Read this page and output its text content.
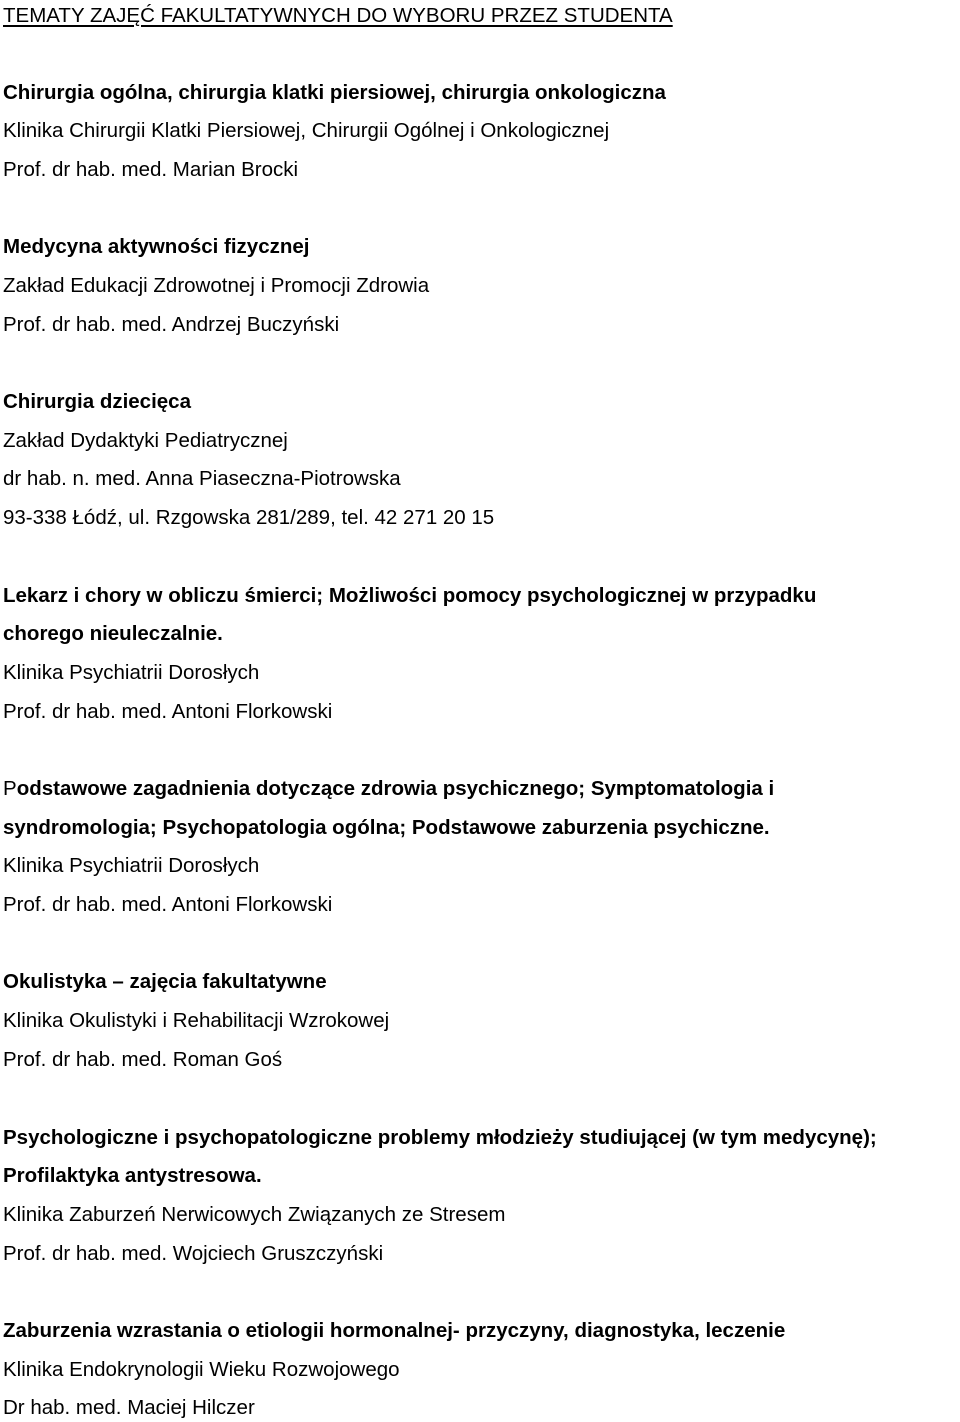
TEMATY ZAJĘĆ FAKULTATYWNYCH DO WYBORU PRZEZ STUDENTA
Chirurgia ogólna, chirurgia klatki piersiowej, chirurgia onkologiczna
Klinika Chirurgii Klatki Piersiowej, Chirurgii Ogólnej i Onkologicznej
Prof. dr hab. med. Marian Brocki
Medycyna aktywności fizycznej
Zakład Edukacji Zdrowotnej i Promocji Zdrowia
Prof. dr hab. med. Andrzej Buczyński
Chirurgia dziecięca
Zakład Dydaktyki Pediatrycznej
dr hab. n. med. Anna Piaseczna-Piotrowska
93-338 Łódź, ul. Rzgowska 281/289, tel. 42 271 20 15
Lekarz i chory w obliczu śmierci; Możliwości pomocy psychologicznej w przypadku
chorego nieuleczalnie.
Klinika Psychiatrii Dorosłych
Prof. dr hab. med. Antoni Florkowski
Podstawowe zagadnienia dotyczące zdrowia psychicznego; Symptomatologia i
syndromologia; Psychopatologia ogólna; Podstawowe zaburzenia psychiczne.
Klinika Psychiatrii Dorosłych
Prof. dr hab. med. Antoni Florkowski
Okulistyka – zajęcia fakultatywne
Klinika Okulistyki i Rehabilitacji Wzrokowej
Prof. dr hab. med. Roman Goś
Psychologiczne i psychopatologiczne problemy młodzieży studiującej (w tym medycynę);
Profilaktyka antystresowa.
Klinika Zaburzeń Nerwicowych Związanych ze Stresem
Prof. dr hab. med. Wojciech Gruszczyński
Zaburzenia wzrastania o etiologii hormonalnej- przyczyny, diagnostyka, leczenie
Klinika Endokrynologii Wieku Rozwojowego
Dr hab. med. Maciej Hilczer
